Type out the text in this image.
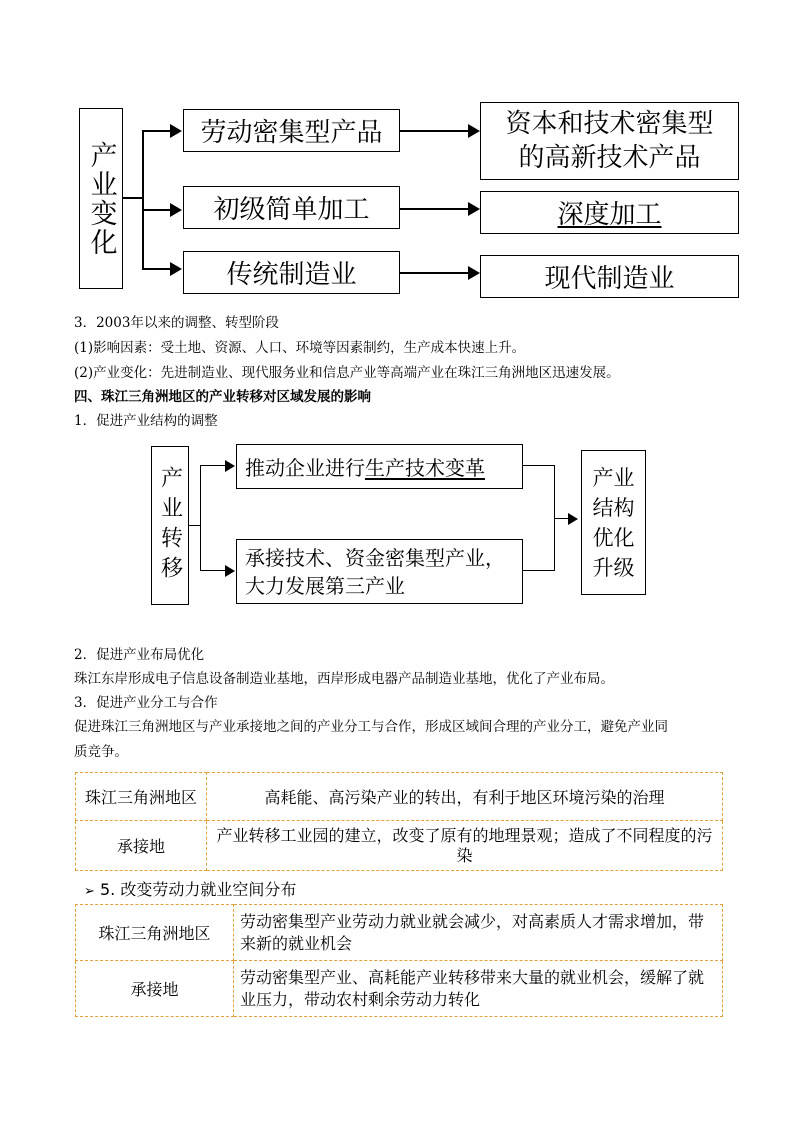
产业变化
劳动密集型产品
初级简单加工
传统制造业
资本和技术密集型
的高新技术产品
深度加工
现代制造业
3．2003年以来的调整、转型阶段
(1)影响因素：受土地、资源、人口、环境等因素制约，生产成本快速上升。
(2)产业变化：先进制造业、现代服务业和信息产业等高端产业在珠江三角洲地区迅速发展。
四、珠江三角洲地区的产业转移对区域发展的影响
1．促进产业结构的调整
产业转移	推动企业进行 生产技术变革
承接技术、资金密集型产业，
大力发展第三产业
产业结构优化升级
2．促进产业布局优化
珠江东岸形成电子信息设备制造业基地，西岸形成电器产品制造业基地，优化了产业布局。
3．促进产业分工与合作
促进珠江三角洲地区与产业承接地之间的产业分工与合作，形成区域间合理的产业分工，避免产业同
质竞争。
珠江三角洲地区	高耗能、高污染产业的转出，有利于地区环境污染的治理
承接地	产业转移工业园的建立，改变了原有的地理景观；造成了不同程度的污染
➢ 5. 改变劳动力就业空间分布
珠江三角洲地区	劳动密集型产业劳动力就业就会减少，对高素质人才需求增加，带来新的就业机会
承接地	劳动密集型产业、高耗能产业转移带来大量的就业机会，缓解了就业压力，带动农村剩余劳动力转化
